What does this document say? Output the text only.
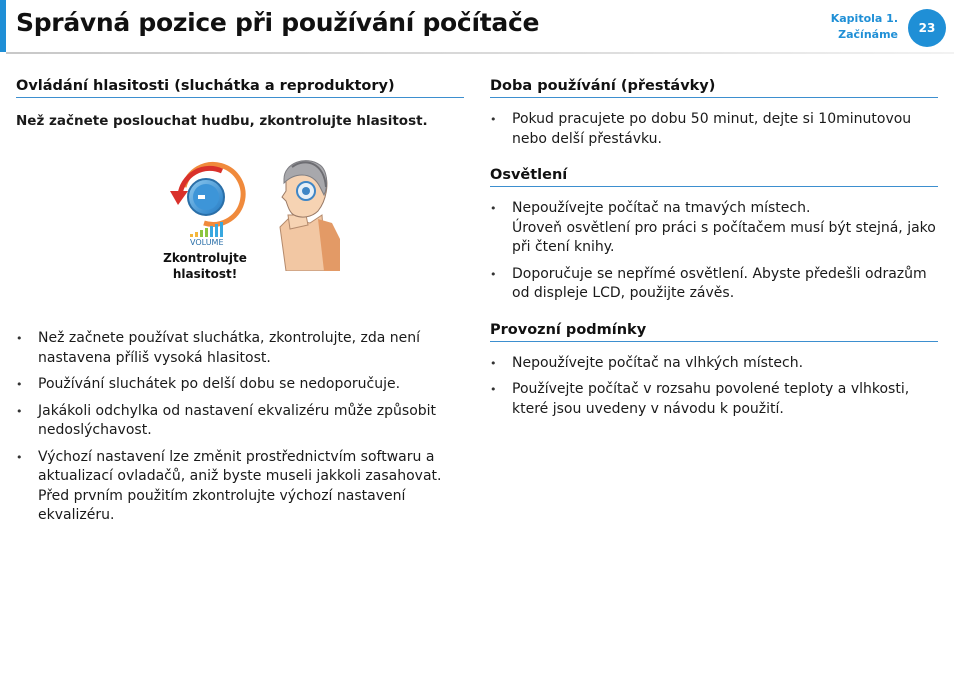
Správná pozice při používání počítače	Kapitola 1.
Začínáme	23
Ovládání hlasitosti (sluchátka a reproduktory)

Než začnete poslouchat hudbu, zkontrolujte hlasitost.

VOLUME
Zkontrolujte
hlasitost!
• Než začnete používat sluchátka, zkontrolujte, zda není nastavena příliš vysoká hlasitost.
• Používání sluchátek po delší dobu se nedoporučuje.
• Jakákoli odchylka od nastavení ekvalizéru může způsobit nedoslýchavost.
• Výchozí nastavení lze změnit prostřednictvím softwaru a aktualizací ovladačů, aniž byste museli jakkoli zasahovat. Před prvním použitím zkontrolujte výchozí nastavení ekvalizéru.
Doba používání (přestávky)
• Pokud pracujete po dobu 50 minut, dejte si 10minutovou nebo delší přestávku.
Osvětlení
• Nepoužívejte počítač na tmavých místech.
Úroveň osvětlení pro práci s počítačem musí být stejná, jako při čtení knihy.
• Doporučuje se nepřímé osvětlení. Abyste předešli odrazům od displeje LCD, použijte závěs.
Provozní podmínky
• Nepoužívejte počítač na vlhkých místech.
• Používejte počítač v rozsahu povolené teploty a vlhkosti, které jsou uvedeny v návodu k použití.
